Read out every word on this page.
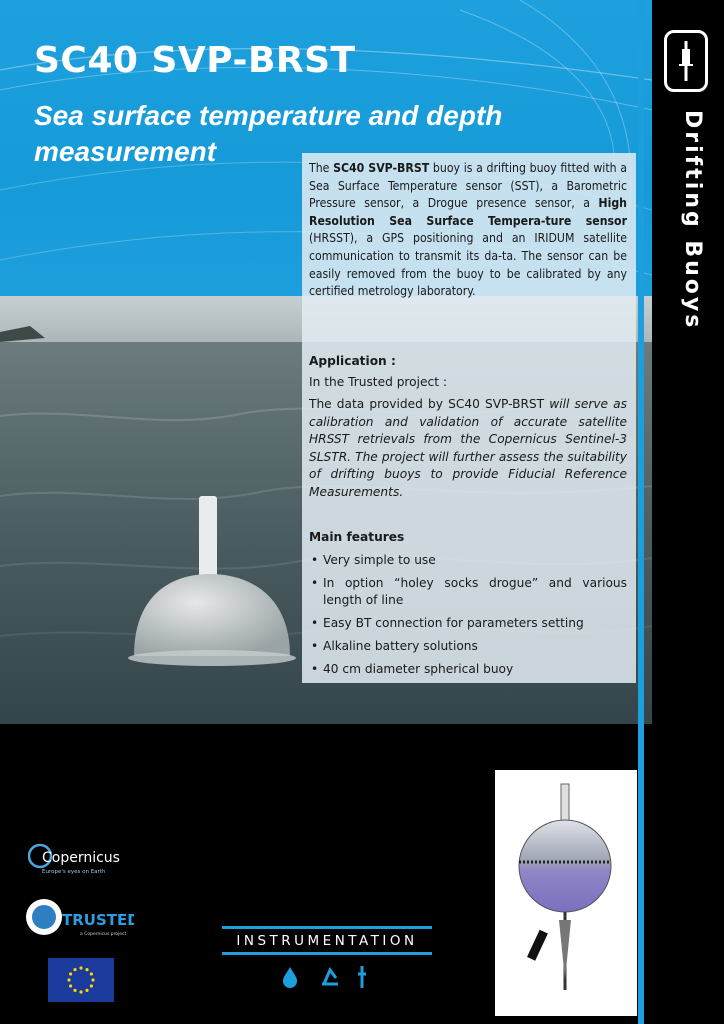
Drifting Buoys
SC40 SVP-BRST
Sea surface temperature and depth measurement

The SC40 SVP-BRST buoy is a drifting buoy fitted with a Sea Surface Temperature sensor (SST), a Barometric Pressure sensor, a Drogue presence sensor, a High Resolution Sea Surface Tempera-ture sensor (HRSST), a GPS positioning and an IRIDUM satellite communication to transmit its da-ta. The sensor can be easily removed from the buoy to be calibrated by any certified metrology laboratory.

Application :
In the Trusted project :
The data provided by SC40 SVP-BRST will serve as calibration and validation of accurate satellite HRSST retrievals from the Copernicus Sentinel-3 SLSTR. The project will further assess the suitability of drifting buoys to provide Fiducial Reference Measurements.
Main features
• Very simple to use
• In option “holey socks drogue” and various length of line
• Easy BT connection for parameters setting
• Alkaline battery solutions
• 40 cm diameter spherical buoy
Copernicus
Europe's eyes on Earth
TRUSTED
a Copernicus project	INSTRUMENTATION
